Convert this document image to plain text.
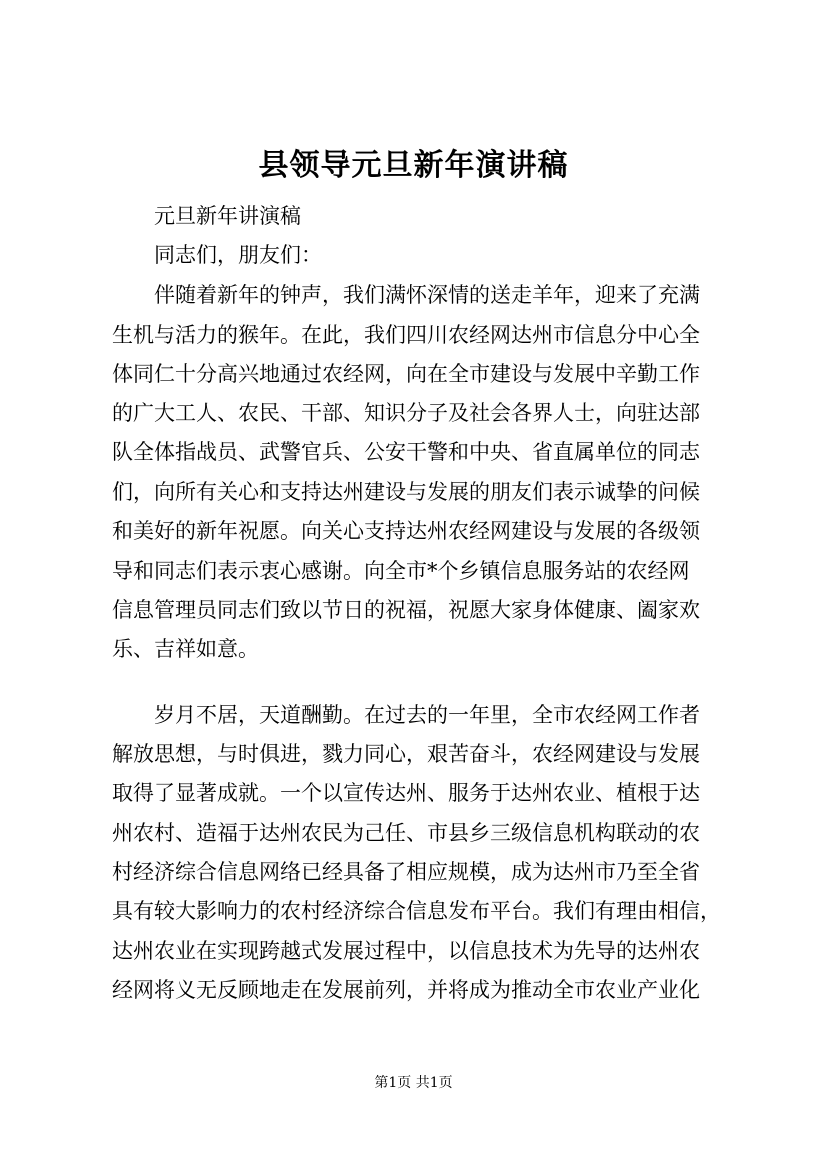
县领导元旦新年演讲稿
元旦新年讲演稿
同志们，朋友们：
伴随着新年的钟声，我们满怀深情的送走羊年，迎来了充满
生机与活力的猴年。在此，我们四川农经网达州市信息分中心全
体同仁十分高兴地通过农经网，向在全市建设与发展中辛勤工作
的广大工人、农民、干部、知识分子及社会各界人士，向驻达部
队全体指战员、武警官兵、公安干警和中央、省直属单位的同志
们，向所有关心和支持达州建设与发展的朋友们表示诚挚的问候
和美好的新年祝愿。向关心支持达州农经网建设与发展的各级领
导和同志们表示衷心感谢。向全市*个乡镇信息服务站的农经网
信息管理员同志们致以节日的祝福，祝愿大家身体健康、阖家欢
乐、吉祥如意。
岁月不居，天道酬勤。在过去的一年里，全市农经网工作者
解放思想，与时俱进，戮力同心，艰苦奋斗，农经网建设与发展
取得了显著成就。一个以宣传达州、服务于达州农业、植根于达
州农村、造福于达州农民为己任、市县乡三级信息机构联动的农
村经济综合信息网络已经具备了相应规模，成为达州市乃至全省
具有较大影响力的农村经济综合信息发布平台。我们有理由相信，
达州农业在实现跨越式发展过程中，以信息技术为先导的达州农
经网将义无反顾地走在发展前列，并将成为推动全市农业产业化
第1页 共1页
